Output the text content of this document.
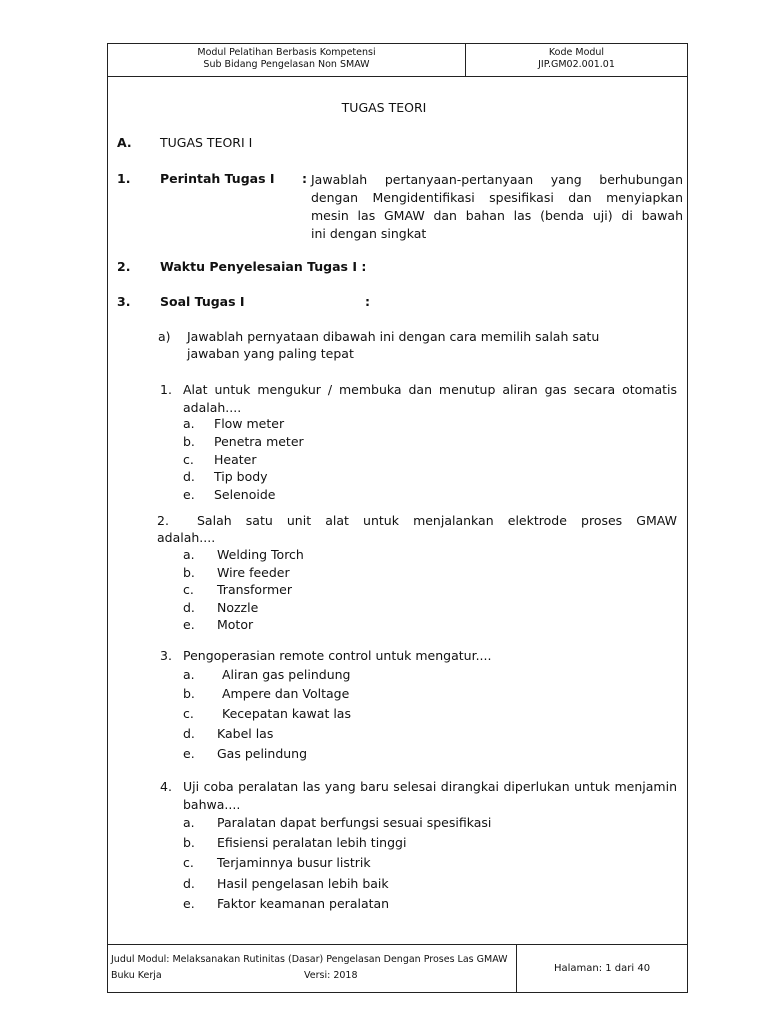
Modul Pelatihan Berbasis Kompetensi
Sub Bidang Pengelasan Non SMAW
Kode Modul
JIP.GM02.001.01
Judul Modul: Melaksanakan Rutinitas (Dasar) Pengelasan Dengan Proses Las GMAW
Buku Kerja	Versi: 2018
Halaman: 1 dari 40
TUGAS TEORI
A. TUGAS TEORI I
1. Perintah Tugas I : Jawablah pertanyaan-pertanyaan yang berhubungan
dengan Mengidentifikasi spesifikasi dan menyiapkan
mesin las GMAW dan bahan las (benda uji) di bawah
ini dengan singkat
2. Waktu Penyelesaian Tugas I :
3. Soal Tugas I	:
a) Jawablah pernyataan dibawah ini dengan cara memilih salah satu
jawaban yang paling tepat
1. Alat untuk mengukur / membuka dan menutup aliran gas secara otomatis
adalah....
a. Flow meter
b. Penetra meter
c. Heater
d. Tip body
e. Selenoide
2. Salah satu unit alat untuk menjalankan elektrode proses GMAW
adalah....
a. Welding Torch
b. Wire feeder
c. Transformer
d. Nozzle
e. Motor
3. Pengoperasian remote control untuk mengatur....
a. Aliran gas pelindung
b. Ampere dan Voltage
c. Kecepatan kawat las
d. Kabel las
e. Gas pelindung
4. Uji coba peralatan las yang baru selesai dirangkai diperlukan untuk menjamin
bahwa....
a. Paralatan dapat berfungsi sesuai spesifikasi
b. Efisiensi peralatan lebih tinggi
c. Terjaminnya busur listrik
d. Hasil pengelasan lebih baik
e. Faktor keamanan peralatan
